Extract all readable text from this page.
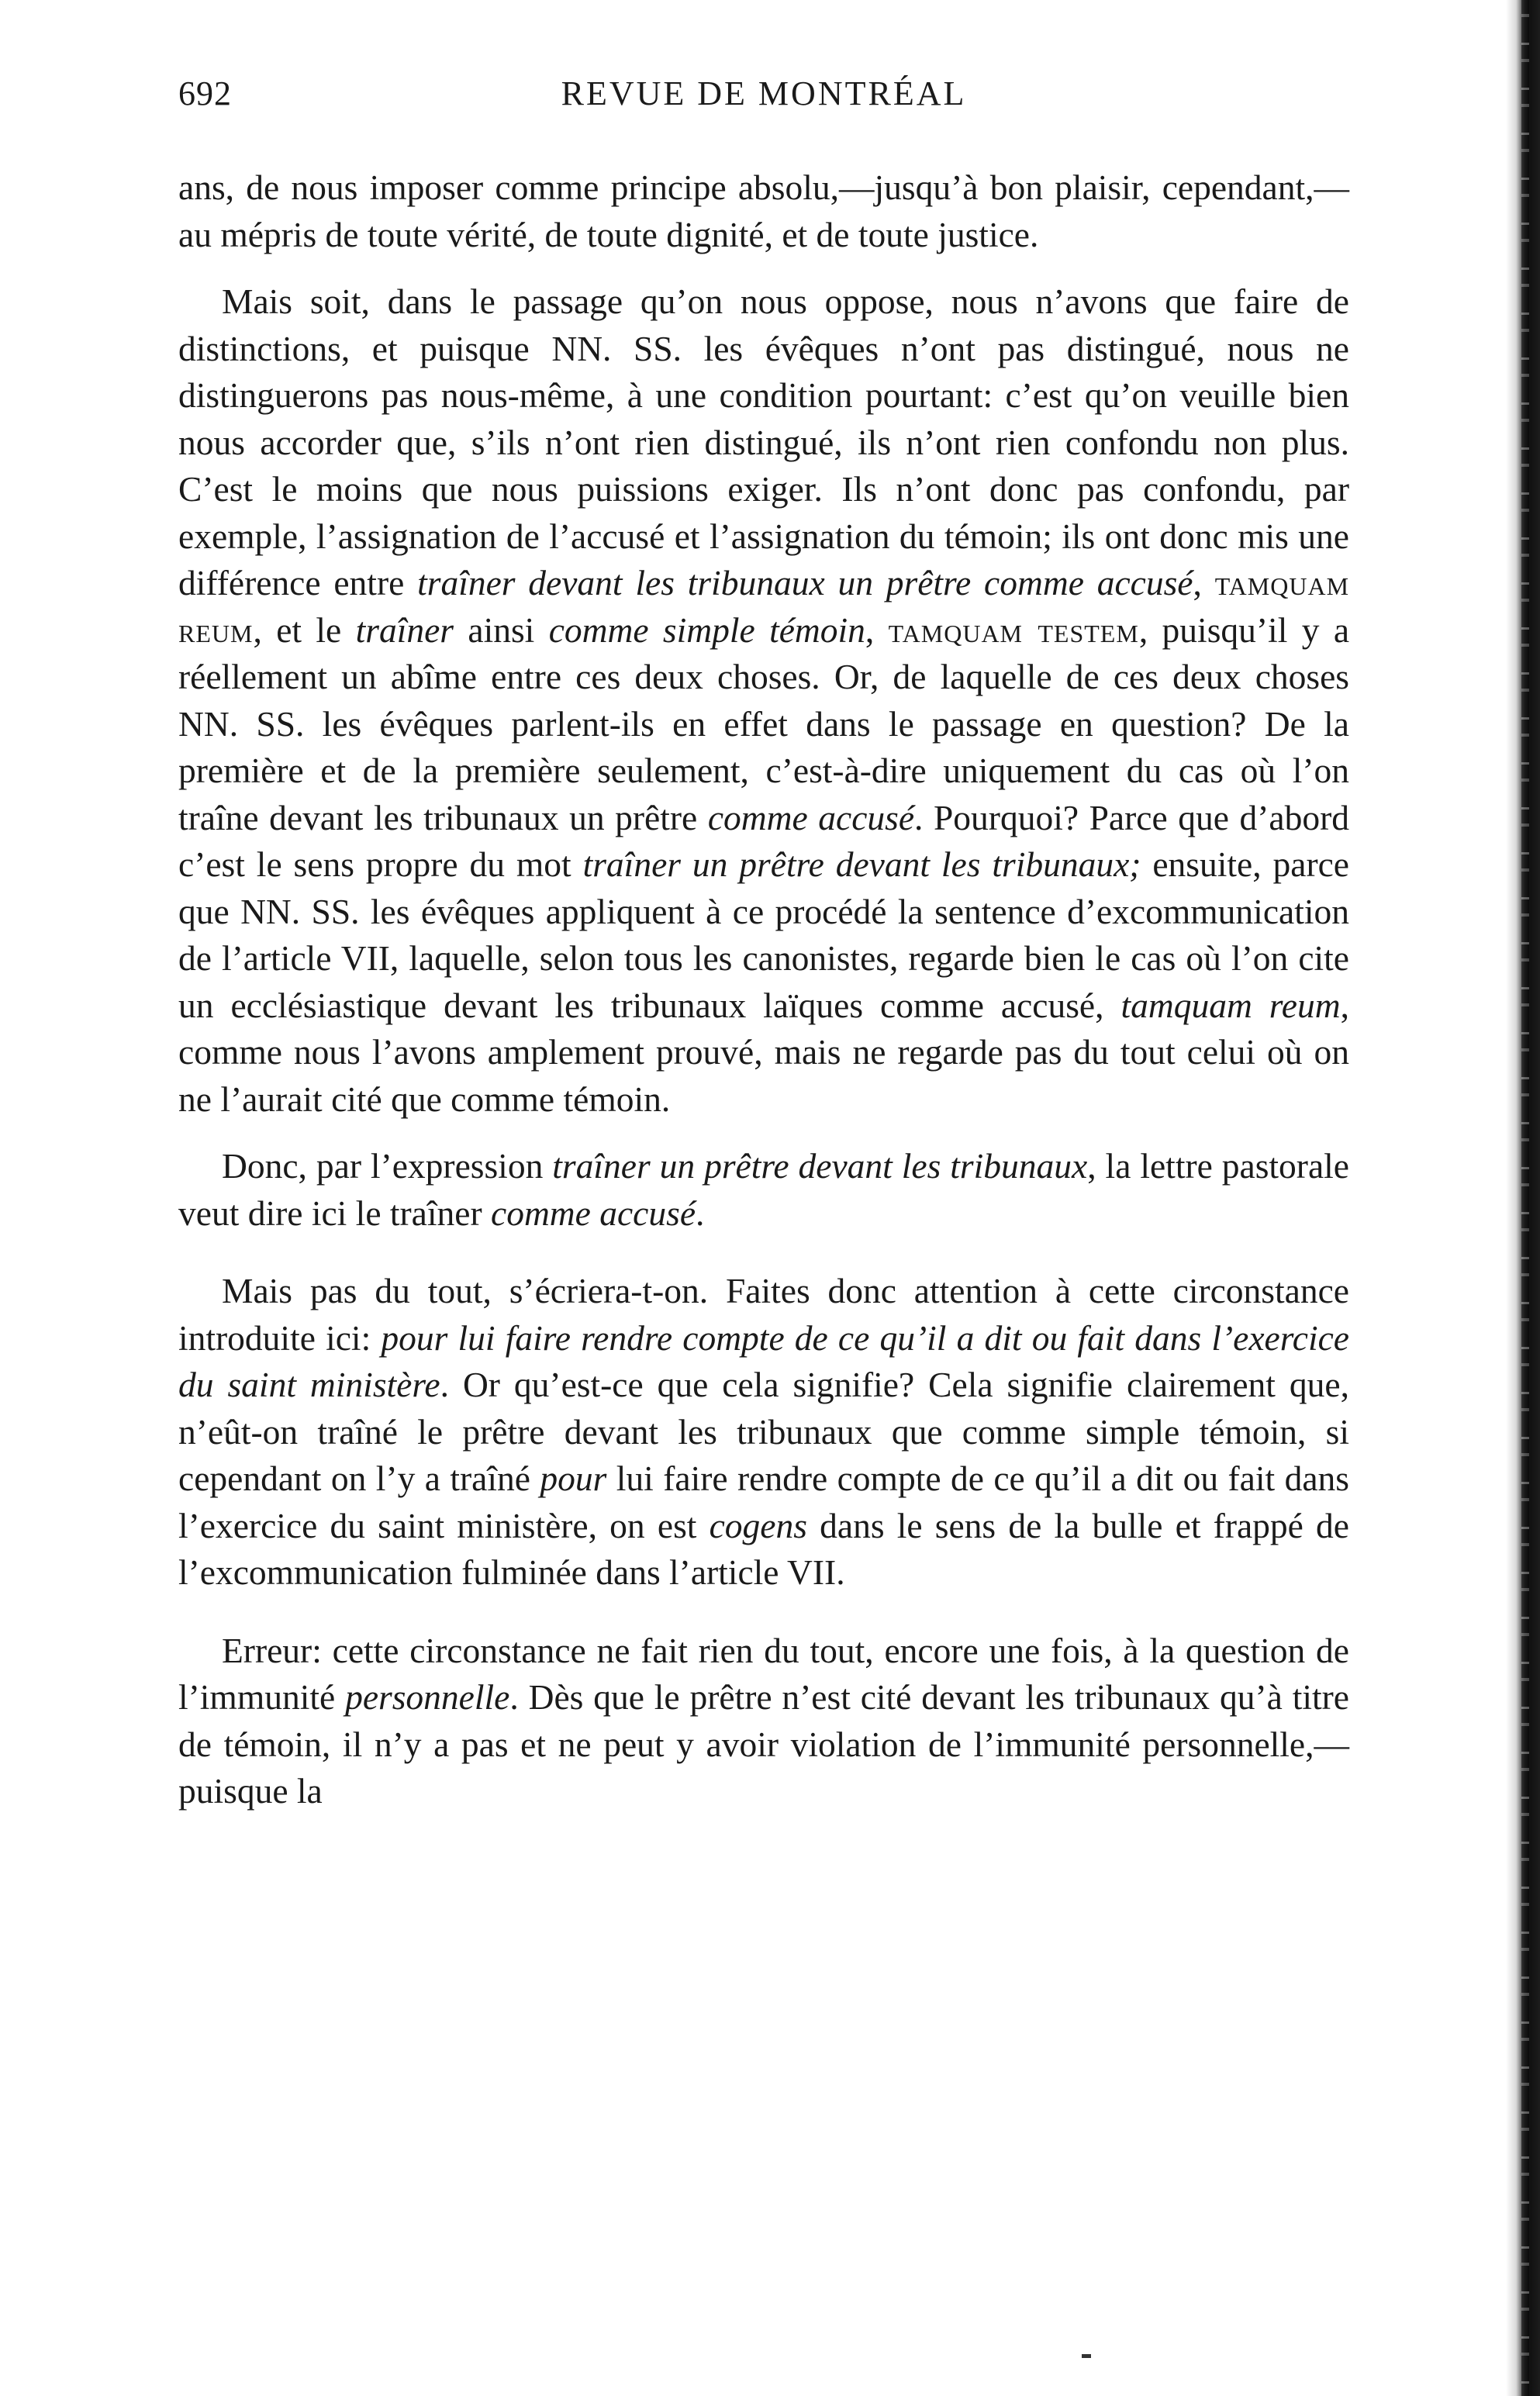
692	REVUE DE MONTRÉAL

ans, de nous imposer comme principe absolu,—jusqu’à bon plaisir, cependant,—au mépris de toute vérité, de toute dignité, et de toute justice.

Mais soit, dans le passage qu’on nous oppose, nous n’avons que faire de distinctions, et puisque NN. SS. les évêques n’ont pas distingué, nous ne distinguerons pas nous-même, à une condition pourtant: c’est qu’on veuille bien nous accorder que, s’ils n’ont rien distingué, ils n’ont rien confondu non plus. C’est le moins que nous puissions exiger. Ils n’ont donc pas confondu, par exemple, l’assignation de l’accusé et l’assignation du témoin; ils ont donc mis une différence entre traîner devant les tribunaux un prêtre comme accusé, tamquam reum, et le traîner ainsi comme simple témoin, tamquam testem, puisqu’il y a réellement un abîme entre ces deux choses. Or, de laquelle de ces deux choses NN. SS. les évêques parlent-ils en effet dans le passage en question? De la première et de la première seulement, c’est-à-dire uniquement du cas où l’on traîne devant les tribunaux un prêtre comme accusé. Pourquoi? Parce que d’abord c’est le sens propre du mot traîner un prêtre devant les tribunaux; ensuite, parce que NN. SS. les évêques appliquent à ce procédé la sentence d’excommunication de l’article VII, laquelle, selon tous les canonistes, regarde bien le cas où l’on cite un ecclésiastique devant les tribunaux laïques comme accusé, tamquam reum, comme nous l’avons amplement prouvé, mais ne regarde pas du tout celui où on ne l’aurait cité que comme témoin.

Donc, par l’expression traîner un prêtre devant les tribunaux, la lettre pastorale veut dire ici le traîner comme accusé.

Mais pas du tout, s’écriera-t-on. Faites donc attention à cette circonstance introduite ici: pour lui faire rendre compte de ce qu’il a dit ou fait dans l’exercice du saint ministère. Or qu’est-ce que cela signifie? Cela signifie clairement que, n’eût-on traîné le prêtre devant les tribunaux que comme simple témoin, si cependant on l’y a traîné pour lui faire rendre compte de ce qu’il a dit ou fait dans l’exercice du saint ministère, on est cogens dans le sens de la bulle et frappé de l’excommunication fulminée dans l’article VII.

Erreur: cette circonstance ne fait rien du tout, encore une fois, à la question de l’immunité personnelle. Dès que le prêtre n’est cité devant les tribunaux qu’à titre de témoin, il n’y a pas et ne peut y avoir violation de l’immunité personnelle,—puisque la
